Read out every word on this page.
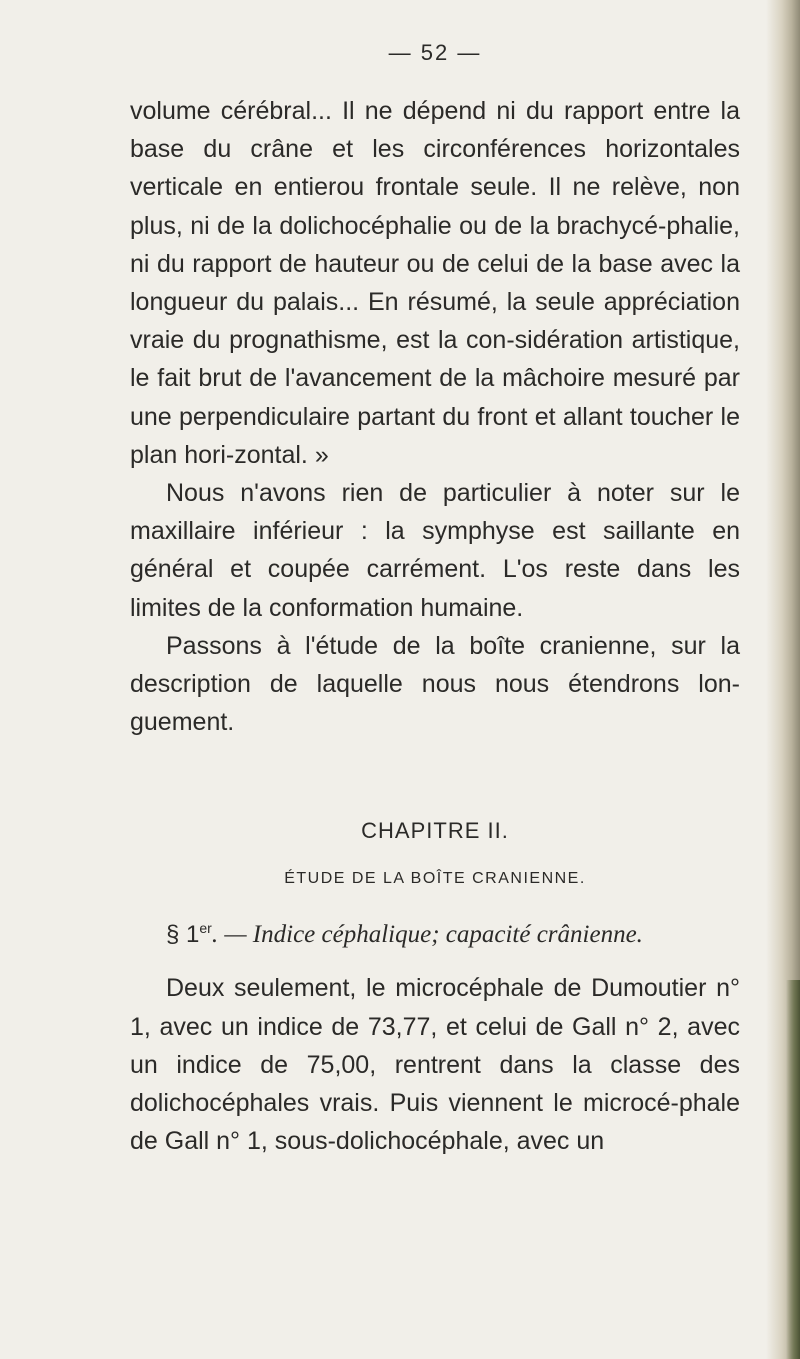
— 52 —

volume cérébral... Il ne dépend ni du rapport entre la base du crâne et les circonférences horizontales verticale en entierou frontale seule. Il ne relève, non plus, ni de la dolichocéphalie ou de la brachycé-phalie, ni du rapport de hauteur ou de celui de la base avec la longueur du palais... En résumé, la seule appréciation vraie du prognathisme, est la con-sidération artistique, le fait brut de l'avancement de la mâchoire mesuré par une perpendiculaire partant du front et allant toucher le plan hori-zontal. »

Nous n'avons rien de particulier à noter sur le maxillaire inférieur : la symphyse est saillante en général et coupée carrément. L'os reste dans les limites de la conformation humaine.

Passons à l'étude de la boîte cranienne, sur la description de laquelle nous nous étendrons lon-guement.

CHAPITRE II.
ÉTUDE DE LA BOÎTE CRANIENNE.
§ 1er. — Indice céphalique; capacité crânienne.

Deux seulement, le microcéphale de Dumoutier n° 1, avec un indice de 73,77, et celui de Gall n° 2, avec un indice de 75,00, rentrent dans la classe des dolichocéphales vrais. Puis viennent le microcé-phale de Gall n° 1, sous-dolichocéphale, avec un
